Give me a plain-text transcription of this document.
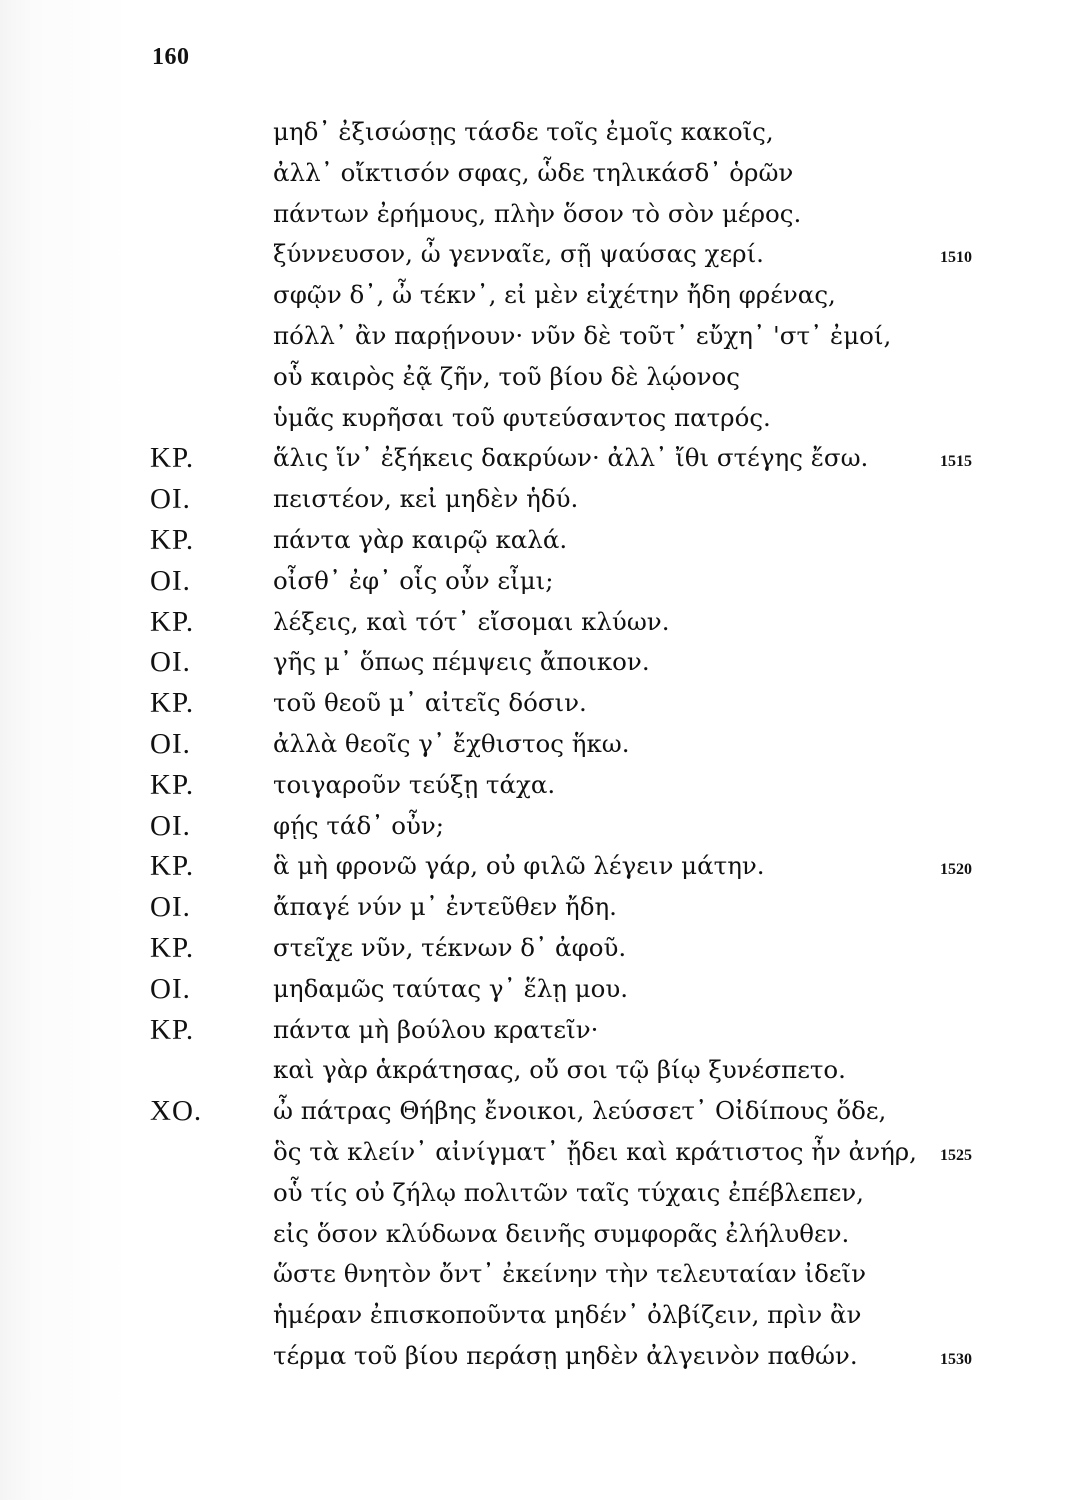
160
μηδ᾽ ἐξισώσῃς τάσδε τοῖς ἐμοῖς κακοῖς,
ἀλλ᾽ οἴκτισόν σφας, ὧδε τηλικάσδ᾽ ὁρῶν
πάντων ἐρήμους, πλὴν ὅσον τὸ σὸν μέρος.
ξύννευσον, ὦ γενναῖε, σῇ ψαύσας χερί.	1510
σφῷν δ᾽, ὦ τέκν᾽, εἰ μὲν εἰχέτην ἤδη φρένας,
πόλλ᾽ ἂν παρῄνουν· νῦν δὲ τοῦτ᾽ εὔχη᾽ 'στ᾽ ἐμοί,
οὗ καιρὸς ἐᾷ ζῆν, τοῦ βίου δὲ λῴονος
ὑμᾶς κυρῆσαι τοῦ φυτεύσαντος πατρός.
ΚΡ.	ἅλις ἵν᾽ ἐξήκεις δακρύων· ἀλλ᾽ ἴθι στέγης ἔσω.	1515
ΟΙ.	πειστέον, κεἰ μηδὲν ἡδύ.
ΚΡ.	πάντα γὰρ καιρῷ καλά.
ΟΙ.	οἶσθ᾽ ἐφ᾽ οἷς οὖν εἶμι;
ΚΡ.	λέξεις, καὶ τότ᾽ εἴσομαι κλύων.
ΟΙ.	γῆς μ᾽ ὅπως πέμψεις ἄποικον.
ΚΡ.	τοῦ θεοῦ μ᾽ αἰτεῖς δόσιν.
ΟΙ.	ἀλλὰ θεοῖς γ᾽ ἔχθιστος ἥκω.
ΚΡ.	τοιγαροῦν τεύξῃ τάχα.
ΟΙ.	φῄς τάδ᾽ οὖν;
ΚΡ.	ἃ μὴ φρονῶ γάρ, οὐ φιλῶ λέγειν μάτην.	1520
ΟΙ.	ἄπαγέ νύν μ᾽ ἐντεῦθεν ἤδη.
ΚΡ.	στεῖχε νῦν, τέκνων δ᾽ ἀφοῦ.
ΟΙ.	μηδαμῶς ταύτας γ᾽ ἕλῃ μου.
ΚΡ.	πάντα μὴ βούλου κρατεῖν·
καὶ γὰρ ἁκράτησας, οὔ σοι τῷ βίῳ ξυνέσπετο.
ΧΟ.	ὦ πάτρας Θήβης ἔνοικοι, λεύσσετ᾽ Οἰδίπους ὅδε,
ὃς τὰ κλείν᾽ αἰνίγματ᾽ ᾔδει καὶ κράτιστος ἦν ἀνήρ, 1525
οὗ τίς οὐ ζήλῳ πολιτῶν ταῖς τύχαις ἐπέβλεπεν,
εἰς ὅσον κλύδωνα δεινῆς συμφορᾶς ἐλήλυθεν.
ὥστε θνητὸν ὄντ᾽ ἐκείνην τὴν τελευταίαν ἰδεῖν
ἡμέραν ἐπισκοποῦντα μηδέν᾽ ὀλβίζειν, πρὶν ἂν
τέρμα τοῦ βίου περάσῃ μηδὲν ἀλγεινὸν παθών.	1530
